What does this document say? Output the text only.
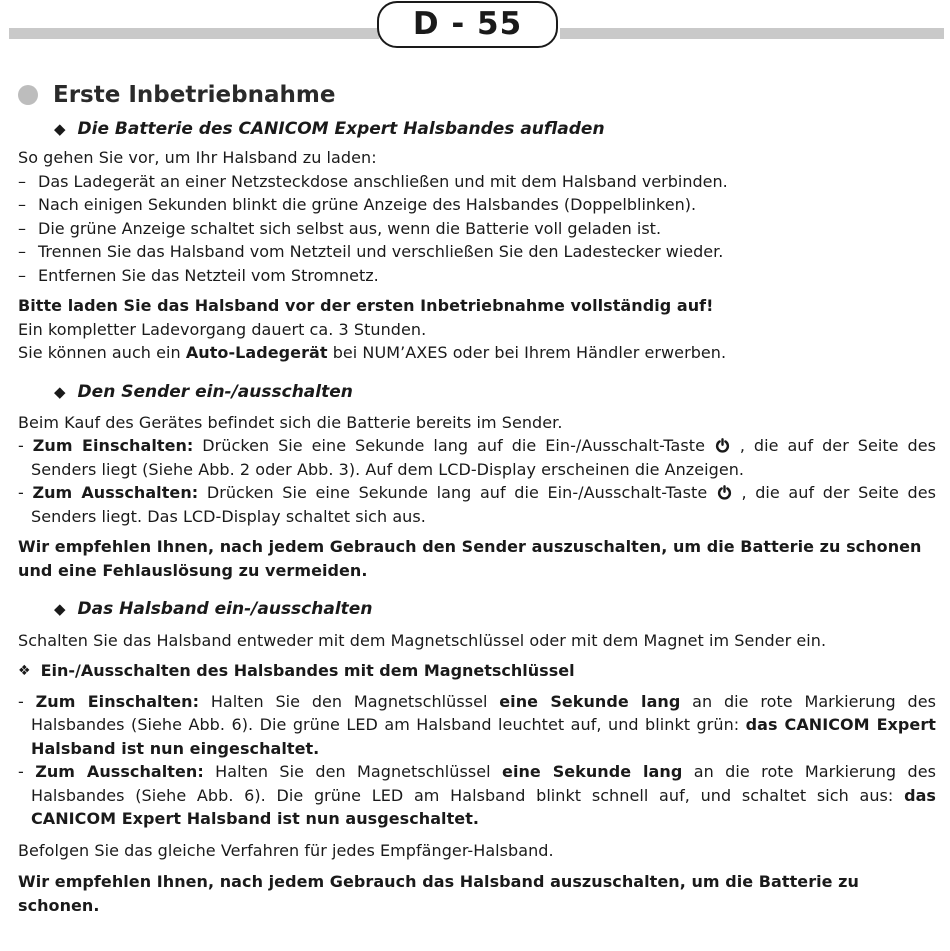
D - 55
Erste Inbetriebnahme
◆ Die Batterie des CANICOM Expert Halsbandes aufladen

So gehen Sie vor, um Ihr Halsband zu laden:

– Das Ladegerät an einer Netzsteckdose anschließen und mit dem Halsband verbinden.
– Nach einigen Sekunden blinkt die grüne Anzeige des Halsbandes (Doppelblinken).
– Die grüne Anzeige schaltet sich selbst aus, wenn die Batterie voll geladen ist.
– Trennen Sie das Halsband vom Netzteil und verschließen Sie den Ladestecker wieder.
– Entfernen Sie das Netzteil vom Stromnetz.

Bitte laden Sie das Halsband vor der ersten Inbetriebnahme vollständig auf!

Ein kompletter Ladevorgang dauert ca. 3 Stunden.

Sie können auch ein Auto-Ladegerät bei NUM’AXES oder bei Ihrem Händler erwerben.

◆ Den Sender ein-/ausschalten

Beim Kauf des Gerätes befindet sich die Batterie bereits im Sender.

- Zum Einschalten: Drücken Sie eine Sekunde lang auf die Ein-/Ausschalt-Taste  , die auf der Seite des Senders liegt (Siehe Abb. 2 oder Abb. 3). Auf dem LCD-Display erscheinen die Anzeigen.

- Zum Ausschalten: Drücken Sie eine Sekunde lang auf die Ein-/Ausschalt-Taste  , die auf der Seite des Senders liegt. Das LCD-Display schaltet sich aus.

Wir empfehlen Ihnen, nach jedem Gebrauch den Sender auszuschalten, um die Batterie zu schonen und eine Fehlauslösung zu vermeiden.

◆ Das Halsband ein-/ausschalten

Schalten Sie das Halsband entweder mit dem Magnetschlüssel oder mit dem Magnet im Sender ein.

❖ Ein-/Ausschalten des Halsbandes mit dem Magnetschlüssel

- Zum Einschalten: Halten Sie den Magnetschlüssel eine Sekunde lang an die rote Markierung des Halsbandes (Siehe Abb. 6). Die grüne LED am Halsband leuchtet auf, und blinkt grün: das CANICOM Expert Halsband ist nun eingeschaltet.

- Zum Ausschalten: Halten Sie den Magnetschlüssel eine Sekunde lang an die rote Markierung des Halsbandes (Siehe Abb. 6). Die grüne LED am Halsband blinkt schnell auf, und schaltet sich aus: das CANICOM Expert Halsband ist nun ausgeschaltet.

Befolgen Sie das gleiche Verfahren für jedes Empfänger-Halsband.

Wir empfehlen Ihnen, nach jedem Gebrauch das Halsband auszuschalten, um die Batterie zu schonen.
